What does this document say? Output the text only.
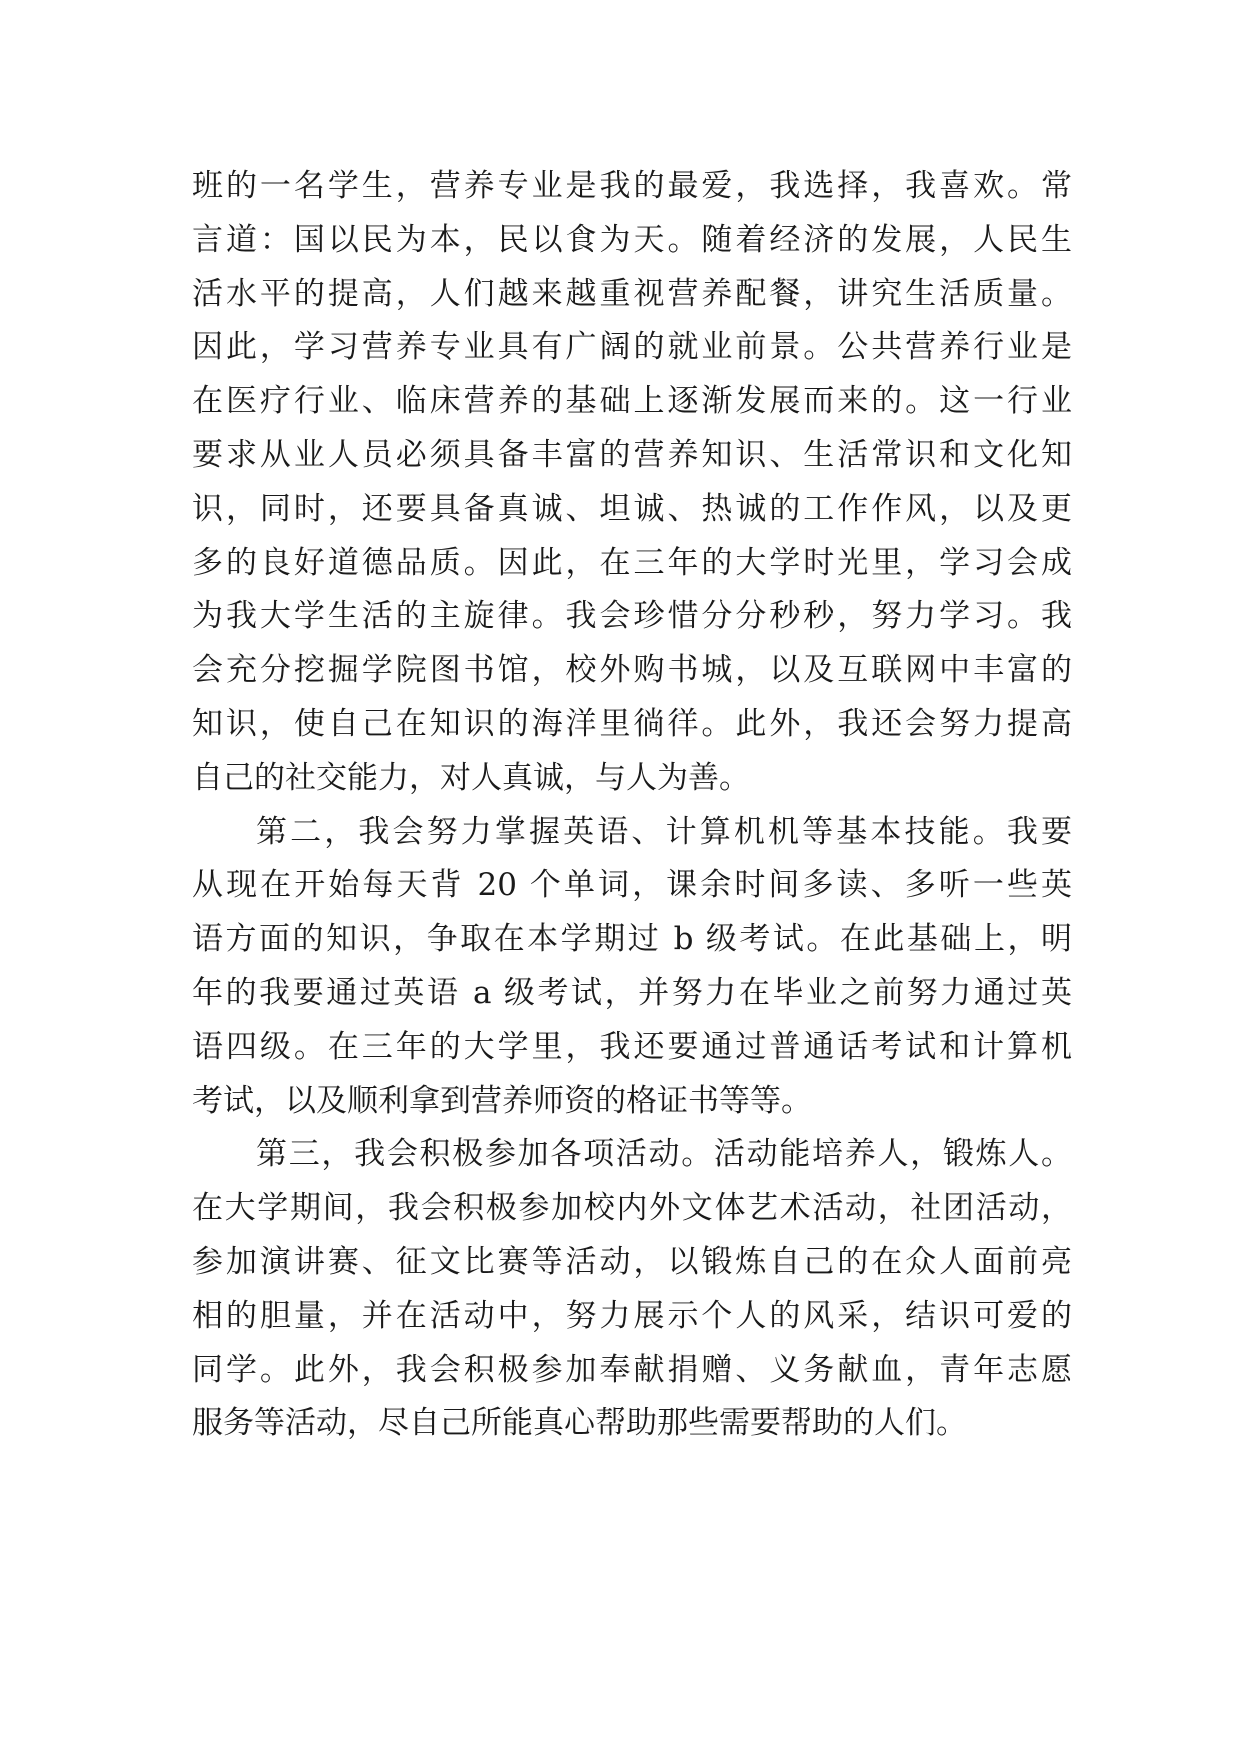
班的一名学生，营养专业是我的最爱，我选择，我喜欢。常
言道：国以民为本，民以食为天。随着经济的发展，人民生
活水平的提高，人们越来越重视营养配餐，讲究生活质量。
因此，学习营养专业具有广阔的就业前景。公共营养行业是
在医疗行业、临床营养的基础上逐渐发展而来的。这一行业
要求从业人员必须具备丰富的营养知识、生活常识和文化知
识，同时，还要具备真诚、坦诚、热诚的工作作风，以及更
多的良好道德品质。因此，在三年的大学时光里，学习会成
为我大学生活的主旋律。我会珍惜分分秒秒，努力学习。我
会充分挖掘学院图书馆，校外购书城，以及互联网中丰富的
知识，使自己在知识的海洋里徜徉。此外，我还会努力提高
自己的社交能力，对人真诚，与人为善。
第二，我会努力掌握英语、计算机机等基本技能。我要
从现在开始每天背 20 个单词，课余时间多读、多听一些英
语方面的知识，争取在本学期过 b 级考试。在此基础上，明
年的我要通过英语 a 级考试，并努力在毕业之前努力通过英
语四级。在三年的大学里，我还要通过普通话考试和计算机
考试，以及顺利拿到营养师资的格证书等等。
第三，我会积极参加各项活动。活动能培养人，锻炼人。
在大学期间，我会积极参加校内外文体艺术活动，社团活动，
参加演讲赛、征文比赛等活动，以锻炼自己的在众人面前亮
相的胆量，并在活动中，努力展示个人的风采，结识可爱的
同学。此外，我会积极参加奉献捐赠、义务献血，青年志愿
服务等活动，尽自己所能真心帮助那些需要帮助的人们。
